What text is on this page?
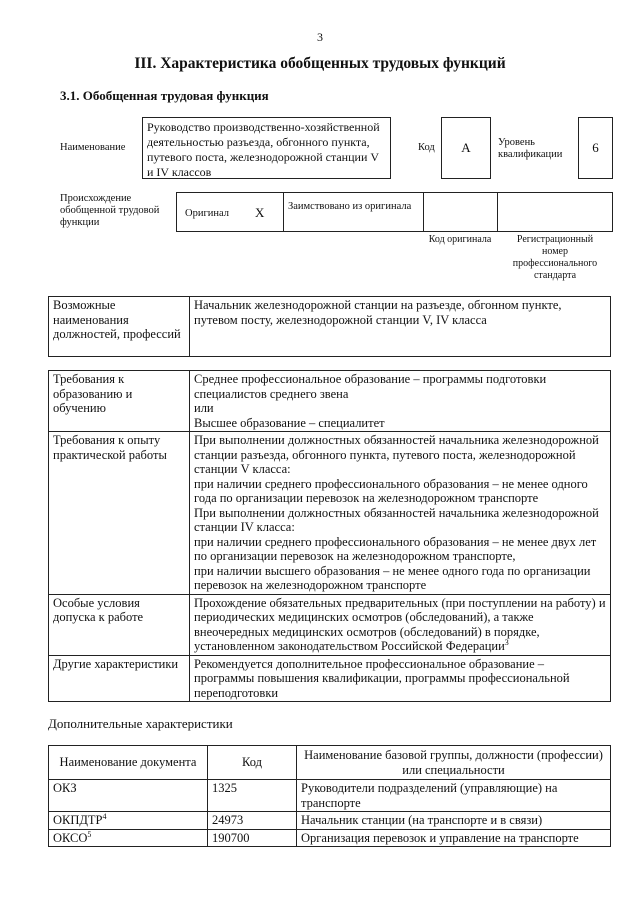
3
III. Характеристика обобщенных трудовых функций
3.1. Обобщенная трудовая функция
Наименование
Руководство производственно-хозяйственной деятельностью разъезда, обгонного пункта, путевого поста, железнодорожной станции V и IV классов
Код	A	Уровень квалификации	6
Происхождение обобщенной трудовой функции
Оригинал X Заимствовано из оригинала
Код оригинала	Регистрационный номер профессионального стандарта
Возможные наименования должностей, профессий	Начальник железнодорожной станции на разъезде, обгонном пункте, путевом посту, железнодорожной станции V, IV класса
Требования к образованию и обучению	Среднее профессиональное образование – программы подготовки специалистов среднего звена
или
Высшее образование – специалитет

Требования к опыту практической работы	При выполнении должностных обязанностей начальника железнодорожной станции разъезда, обгонного пункта, путевого поста, железнодорожной станции V класса:
при наличии среднего профессионального образования – не менее одного года по организации перевозок на железнодорожном транспорте
При выполнении должностных обязанностей начальника железнодорожной станции IV класса:
при наличии среднего профессионального образования – не менее двух лет по организации перевозок на железнодорожном транспорте,
при наличии высшего образования – не менее одного года по организации перевозок на железнодорожном транспорте

Особые условия допуска к работе	Прохождение обязательных предварительных (при поступлении на работу) и периодических медицинских осмотров (обследований), а также внеочередных медицинских осмотров (обследований) в порядке, установленном законодательством Российской Федерации$^3$
Другие характеристики	Рекомендуется дополнительное профессиональное образование – программы повышения квалификации, программы профессиональной переподготовки
Дополнительные характеристики
Наименование документа	Код	Наименование базовой группы, должности (профессии) или специальности
ОКЗ	1325	Руководители подразделений (управляющие) на транспорте
ОКПДТР$^4$	24973	Начальник станции (на транспорте и в связи)
ОКСО$^5$	190700	Организация перевозок и управление на транспорте
